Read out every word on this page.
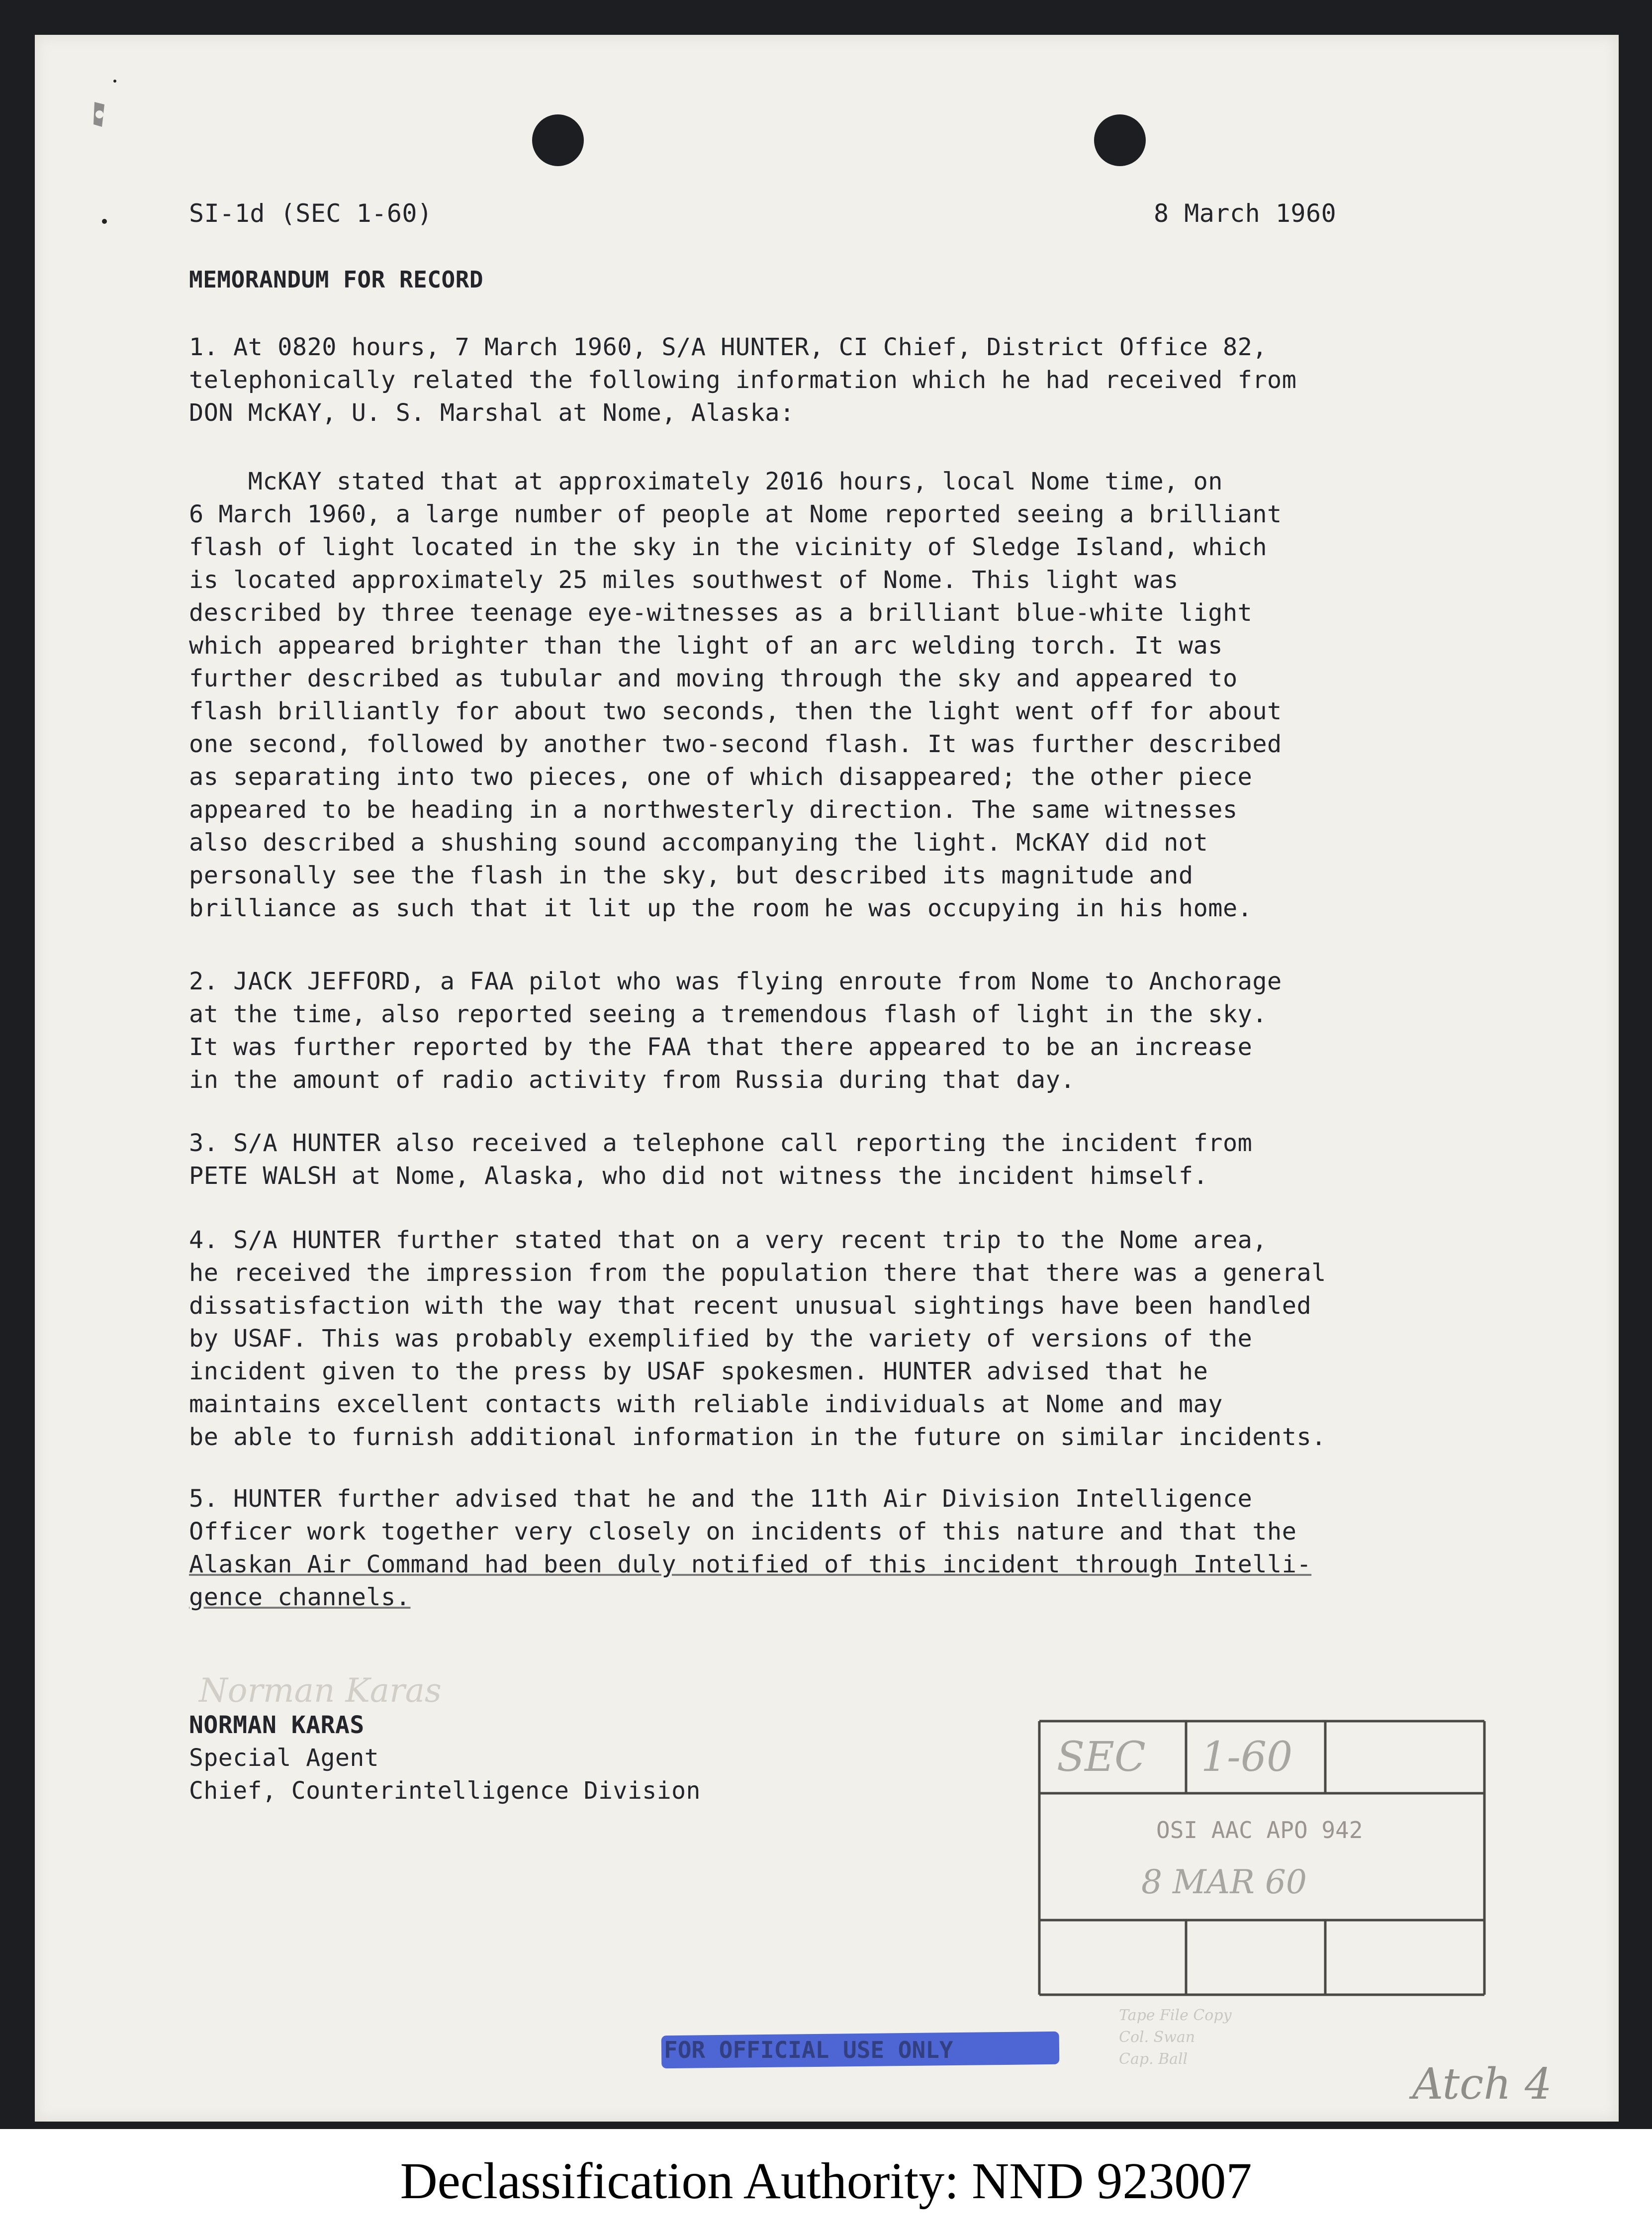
SI-1d (SEC 1-60)	8 March 1960
MEMORANDUM FOR RECORD
1. At 0820 hours, 7 March 1960, S/A HUNTER, CI Chief, District Office 82,
telephonically related the following information which he had received from
DON McKAY, U. S. Marshal at Nome, Alaska:
McKAY stated that at approximately 2016 hours, local Nome time, on
6 March 1960, a large number of people at Nome reported seeing a brilliant
flash of light located in the sky in the vicinity of Sledge Island, which
is located approximately 25 miles southwest of Nome. This light was
described by three teenage eye-witnesses as a brilliant blue-white light
which appeared brighter than the light of an arc welding torch. It was
further described as tubular and moving through the sky and appeared to
flash brilliantly for about two seconds, then the light went off for about
one second, followed by another two-second flash. It was further described
as separating into two pieces, one of which disappeared; the other piece
appeared to be heading in a northwesterly direction. The same witnesses
also described a shushing sound accompanying the light. McKAY did not
personally see the flash in the sky, but described its magnitude and
brilliance as such that it lit up the room he was occupying in his home.
2. JACK JEFFORD, a FAA pilot who was flying enroute from Nome to Anchorage
at the time, also reported seeing a tremendous flash of light in the sky.
It was further reported by the FAA that there appeared to be an increase
in the amount of radio activity from Russia during that day.
3. S/A HUNTER also received a telephone call reporting the incident from
PETE WALSH at Nome, Alaska, who did not witness the incident himself.
4. S/A HUNTER further stated that on a very recent trip to the Nome area,
he received the impression from the population there that there was a general
dissatisfaction with the way that recent unusual sightings have been handled
by USAF. This was probably exemplified by the variety of versions of the
incident given to the press by USAF spokesmen. HUNTER advised that he
maintains excellent contacts with reliable individuals at Nome and may
be able to furnish additional information in the future on similar incidents.
5. HUNTER further advised that he and the 11th Air Division Intelligence
Officer work together very closely on incidents of this nature and that the
Alaskan Air Command had been duly notified of this incident through Intelli-
gence channels.
Norman Karas
NORMAN KARAS
Special Agent
Chief, Counterintelligence Division
SEC 1-60
OSI AAC APO 942
8 MAR 60
Tape File Copy
Col. Swan
Cap. Ball
Atch 4
FOR OFFICIAL USE ONLY
Declassification Authority: NND 923007
